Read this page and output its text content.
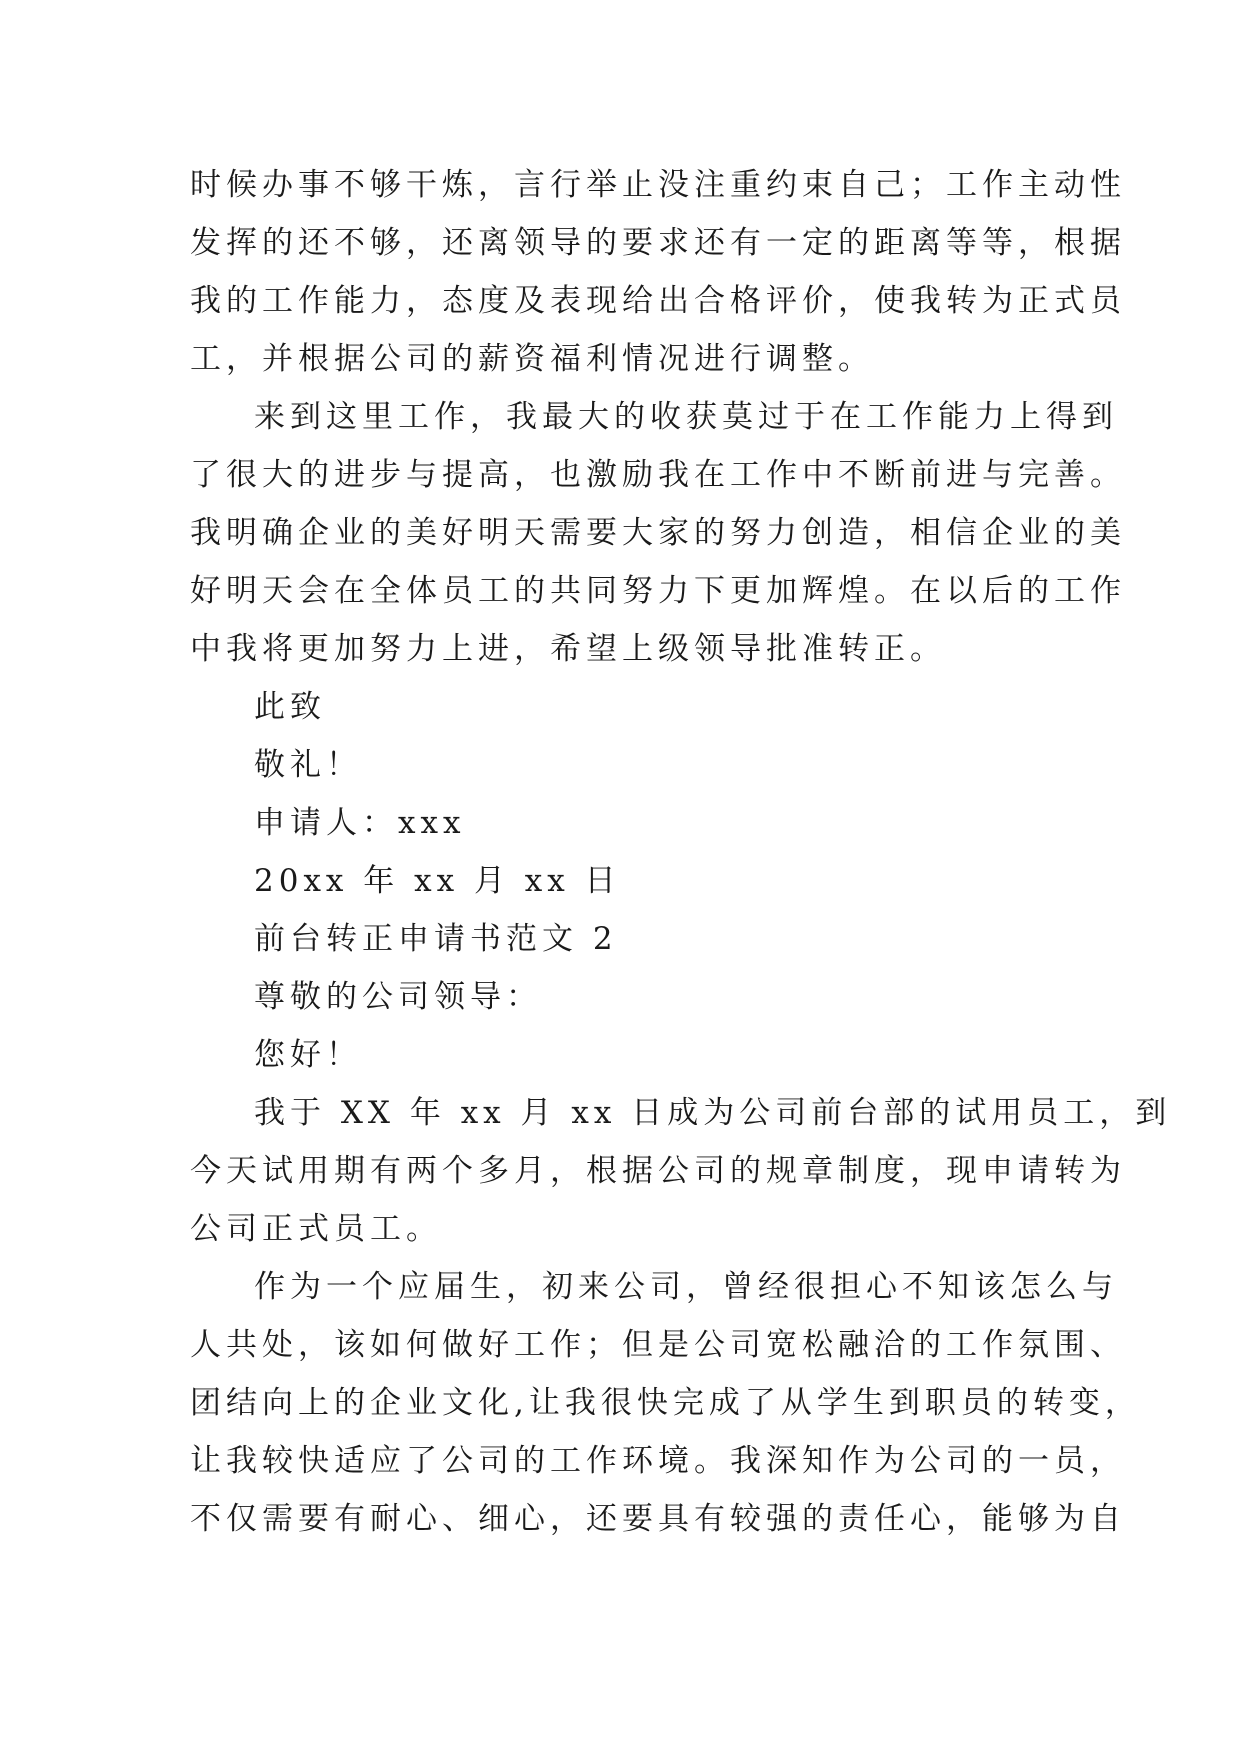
时候办事不够干炼，言行举止没注重约束自己；工作主动性
发挥的还不够，还离领导的要求还有一定的距离等等，根据
我的工作能力，态度及表现给出合格评价，使我转为正式员
工，并根据公司的薪资福利情况进行调整。
来到这里工作，我最大的收获莫过于在工作能力上得到
了很大的进步与提高，也激励我在工作中不断前进与完善。
我明确企业的美好明天需要大家的努力创造，相信企业的美
好明天会在全体员工的共同努力下更加辉煌。在以后的工作
中我将更加努力上进，希望上级领导批准转正。
此致
敬礼！
申请人：xxx
20xx 年 xx 月 xx 日
前台转正申请书范文 2
尊敬的公司领导：
您好！
我于 XX 年 xx 月 xx 日成为公司前台部的试用员工，到
今天试用期有两个多月，根据公司的规章制度，现申请转为
公司正式员工。
作为一个应届生，初来公司，曾经很担心不知该怎么与
人共处，该如何做好工作；但是公司宽松融洽的工作氛围、
团结向上的企业文化,让我很快完成了从学生到职员的转变，
让我较快适应了公司的工作环境。我深知作为公司的一员，
不仅需要有耐心、细心，还要具有较强的责任心，能够为自
